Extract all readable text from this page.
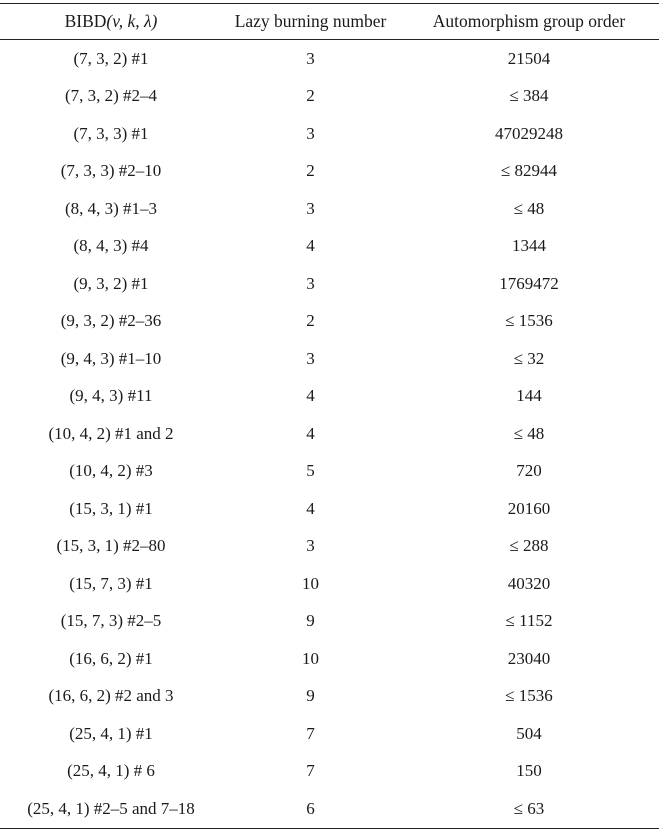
BIBD(v, k, λ)	Lazy burning number	Automorphism group order
(7, 3, 2) #1	3	21504
(7, 3, 2) #2–4	2	≤ 384
(7, 3, 3) #1	3	47029248
(7, 3, 3) #2–10	2	≤ 82944
(8, 4, 3) #1–3	3	≤ 48
(8, 4, 3) #4	4	1344
(9, 3, 2) #1	3	1769472
(9, 3, 2) #2–36	2	≤ 1536
(9, 4, 3) #1–10	3	≤ 32
(9, 4, 3) #11	4	144
(10, 4, 2) #1 and 2	4	≤ 48
(10, 4, 2) #3	5	720
(15, 3, 1) #1	4	20160
(15, 3, 1) #2–80	3	≤ 288
(15, 7, 3) #1	10	40320
(15, 7, 3) #2–5	9	≤ 1152
(16, 6, 2) #1	10	23040
(16, 6, 2) #2 and 3	9	≤ 1536
(25, 4, 1) #1	7	504
(25, 4, 1) # 6	7	150
(25, 4, 1) #2–5 and 7–18	6	≤ 63
